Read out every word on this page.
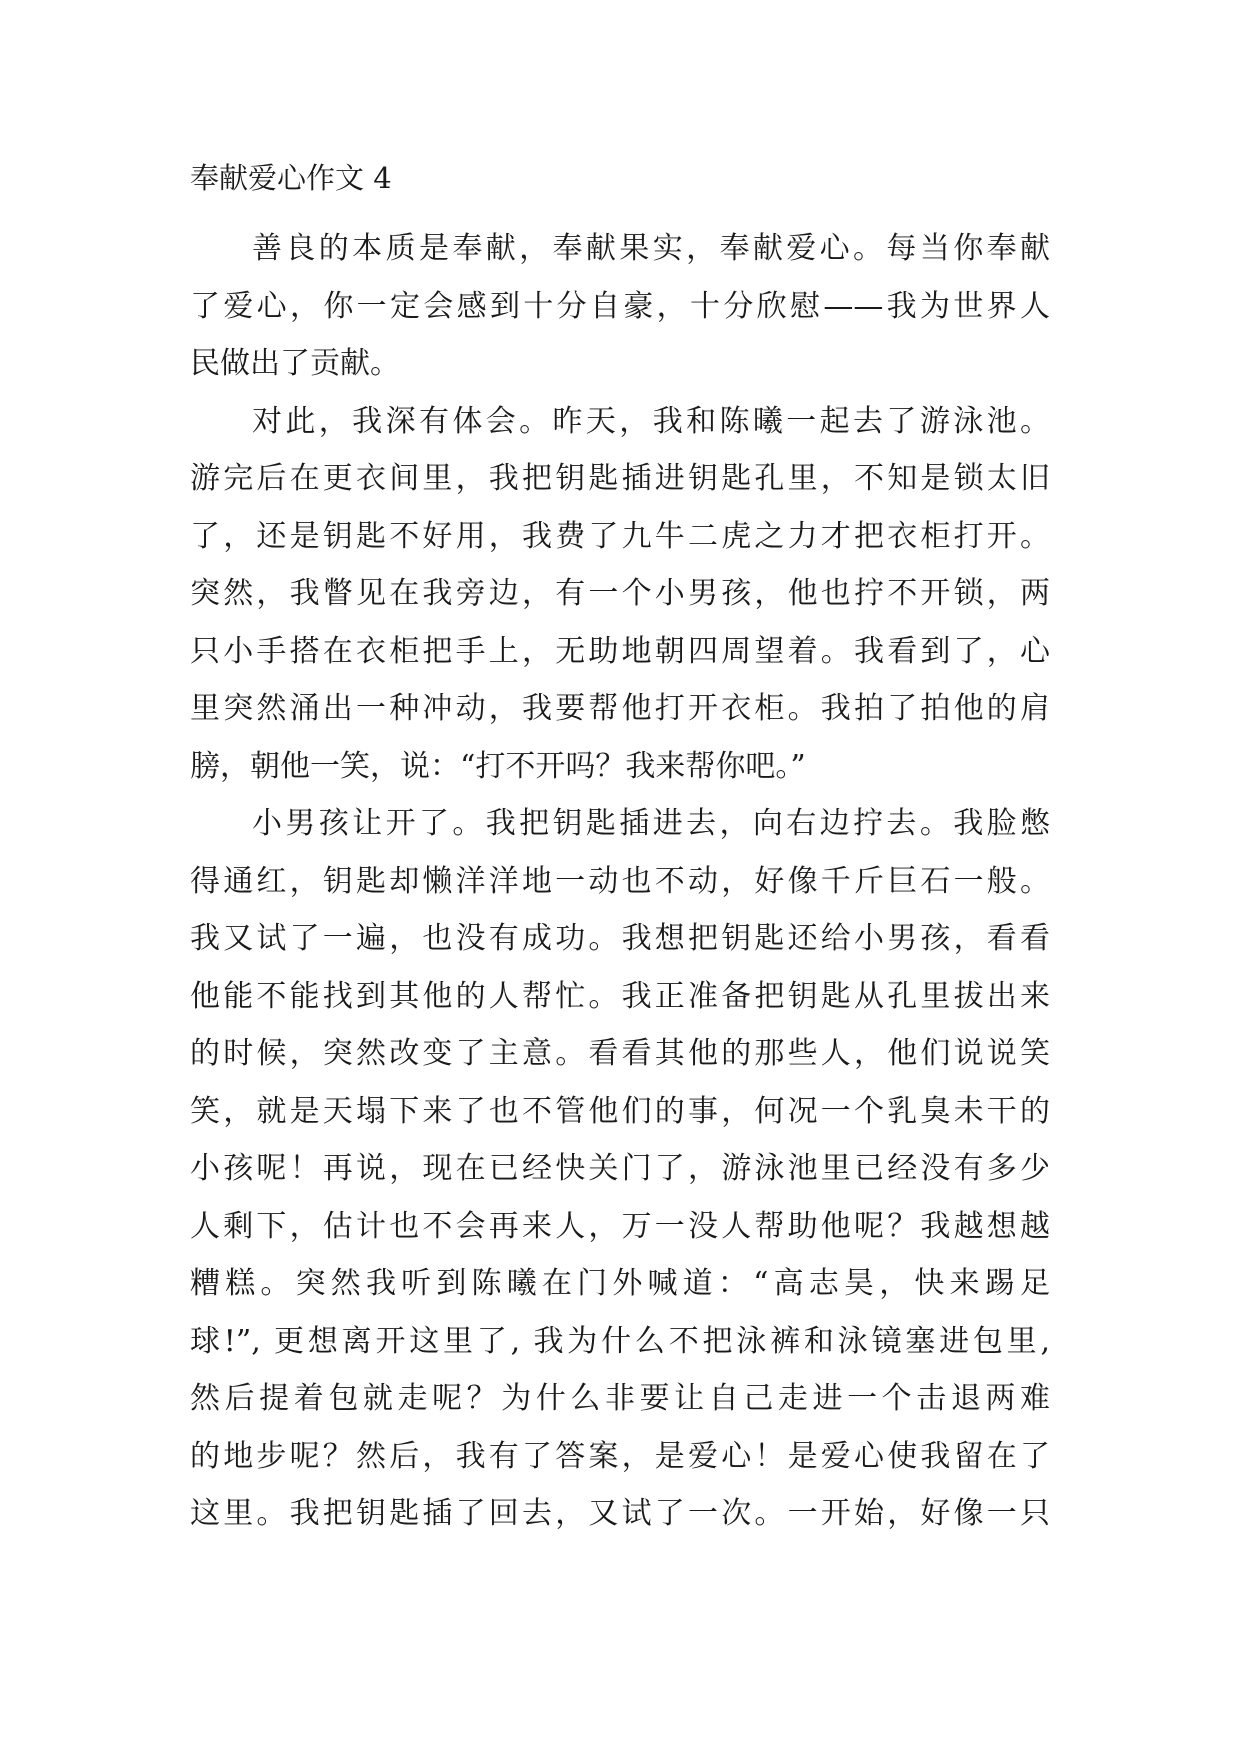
奉献爱心作文 4
善良的本质是奉献，奉献果实，奉献爱心。每当你奉献
了爱心，你一定会感到十分自豪，十分欣慰——我为世界人
民做出了贡献。
对此，我深有体会。昨天，我和陈曦一起去了游泳池。
游完后在更衣间里，我把钥匙插进钥匙孔里，不知是锁太旧
了，还是钥匙不好用，我费了九牛二虎之力才把衣柜打开。
突然，我瞥见在我旁边，有一个小男孩，他也拧不开锁，两
只小手搭在衣柜把手上，无助地朝四周望着。我看到了，心
里突然涌出一种冲动，我要帮他打开衣柜。我拍了拍他的肩
膀，朝他一笑，说：“打不开吗？我来帮你吧。”
小男孩让开了。我把钥匙插进去，向右边拧去。我脸憋
得通红，钥匙却懒洋洋地一动也不动，好像千斤巨石一般。
我又试了一遍，也没有成功。我想把钥匙还给小男孩，看看
他能不能找到其他的人帮忙。我正准备把钥匙从孔里拔出来
的时候，突然改变了主意。看看其他的那些人，他们说说笑
笑，就是天塌下来了也不管他们的事，何况一个乳臭未干的
小孩呢！再说，现在已经快关门了，游泳池里已经没有多少
人剩下，估计也不会再来人，万一没人帮助他呢？我越想越
糟糕。突然我听到陈曦在门外喊道：“高志昊，快来踢足
球!”, 更想离开这里了, 我为什么不把泳裤和泳镜塞进包里,
然后提着包就走呢？为什么非要让自己走进一个击退两难
的地步呢？然后，我有了答案，是爱心！是爱心使我留在了
这里。我把钥匙插了回去，又试了一次。一开始，好像一只
